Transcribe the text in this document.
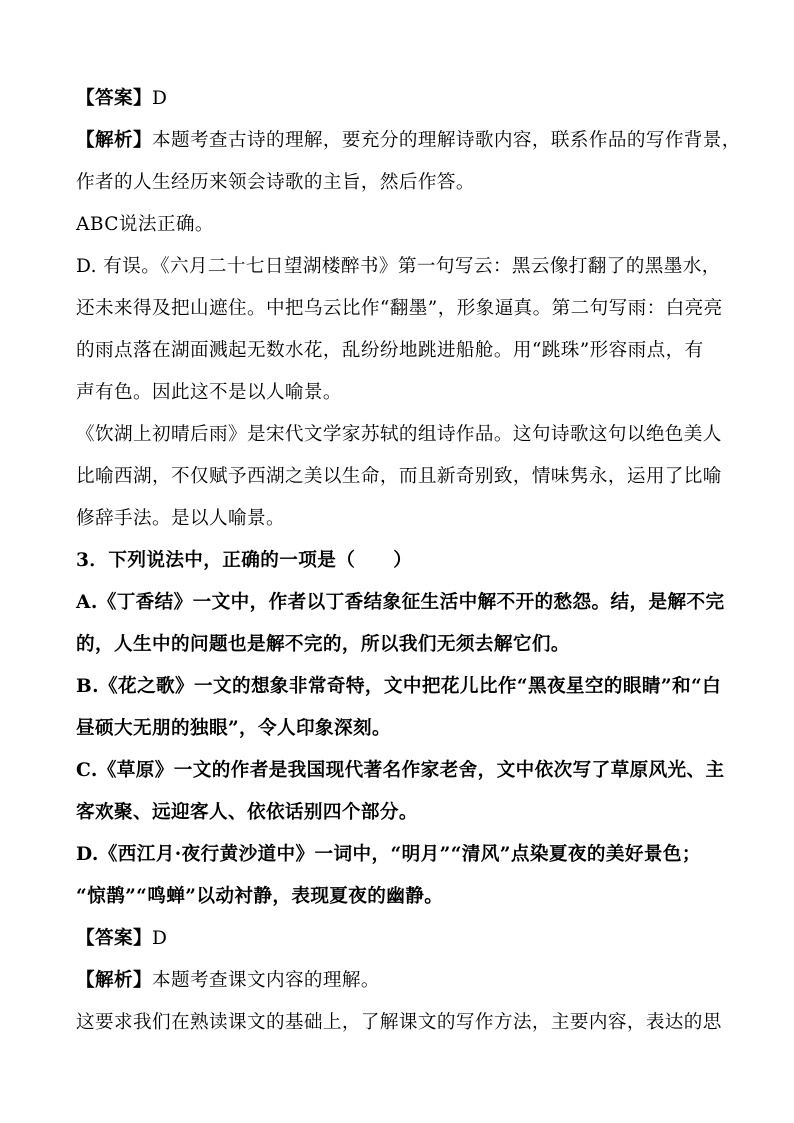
【答案】D
【解析】本题考查古诗的理解，要充分的理解诗歌内容，联系作品的写作背景，
作者的人生经历来领会诗歌的主旨，然后作答。
ABC说法正确。
D. 有误。《六月二十七日望湖楼醉书》第一句写云：黑云像打翻了的黑墨水，
还未来得及把山遮住。中把乌云比作“翻墨”，形象逼真。第二句写雨：白亮亮
的雨点落在湖面溅起无数水花，乱纷纷地跳进船舱。用“跳珠”形容雨点，有
声有色。因此这不是以人喻景。
《饮湖上初晴后雨》是宋代文学家苏轼的组诗作品。这句诗歌这句以绝色美人
比喻西湖，不仅赋予西湖之美以生命，而且新奇别致，情味隽永，运用了比喻
修辞手法。是以人喻景。
3．下列说法中，正确的一项是（　　）
A.《丁香结》一文中，作者以丁香结象征生活中解不开的愁怨。结，是解不完
的，人生中的问题也是解不完的，所以我们无须去解它们。
B.《花之歌》一文的想象非常奇特，文中把花儿比作“黑夜星空的眼睛”和“白
昼硕大无朋的独眼”，令人印象深刻。
C.《草原》一文的作者是我国现代著名作家老舍，文中依次写了草原风光、主
客欢聚、远迎客人、依依话别四个部分。
D.《西江月·夜行黄沙道中》一词中，“明月”“清风”点染夏夜的美好景色；
“惊鹊”“鸣蝉”以动衬静，表现夏夜的幽静。
【答案】D
【解析】本题考查课文内容的理解。
这要求我们在熟读课文的基础上，了解课文的写作方法，主要内容，表达的思
